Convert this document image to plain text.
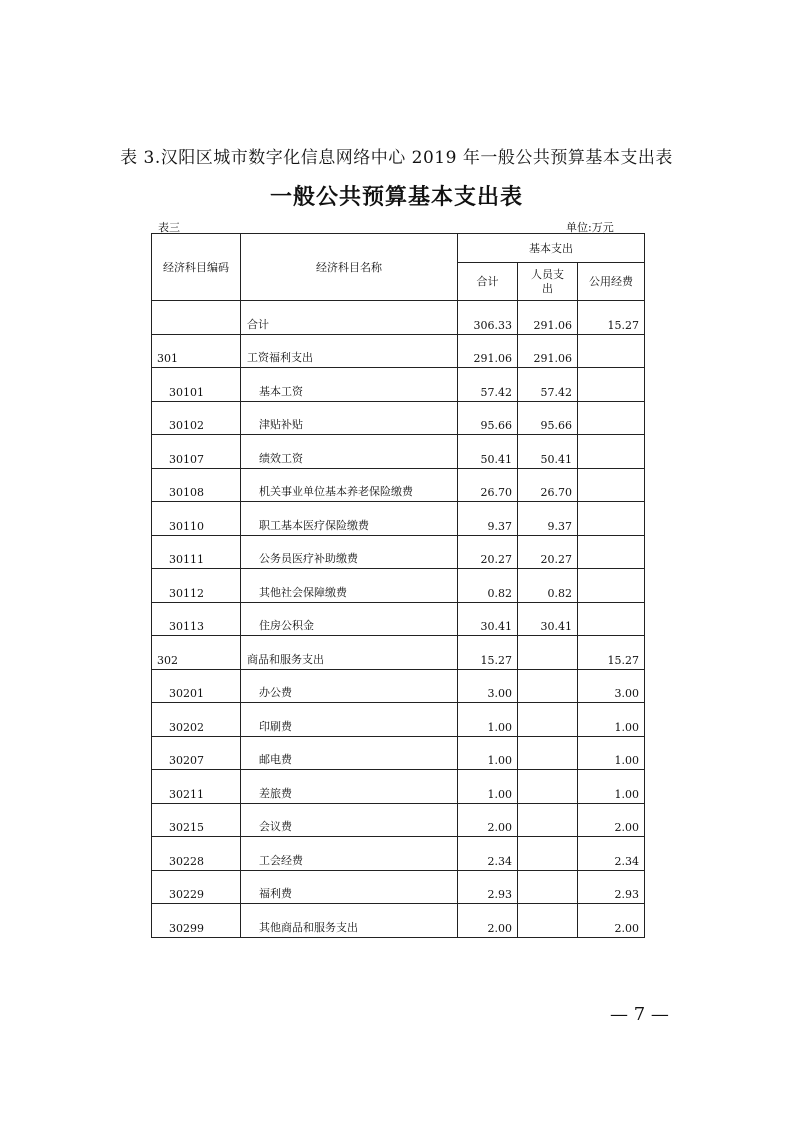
表 3.汉阳区城市数字化信息网络中心 2019 年一般公共预算基本支出表
一般公共预算基本支出表
表三	单位:万元
经济科目编码	经济科目名称	基本支出		
		合计	人员支出	公用经费
	合计	306.33	291.06	15.27
301	工资福利支出	291.06	291.06	
30101	基本工资	57.42	57.42	
30102	津贴补贴	95.66	95.66	
30107	绩效工资	50.41	50.41	
30108	机关事业单位基本养老保险缴费	26.70	26.70	
30110	职工基本医疗保险缴费	9.37	9.37	
30111	公务员医疗补助缴费	20.27	20.27	
30112	其他社会保障缴费	0.82	0.82	
30113	住房公积金	30.41	30.41	
302	商品和服务支出	15.27		15.27
30201	办公费	3.00		3.00
30202	印刷费	1.00		1.00
30207	邮电费	1.00		1.00
30211	差旅费	1.00		1.00
30215	会议费	2.00		2.00
30228	工会经费	2.34		2.34
30229	福利费	2.93		2.93
30299	其他商品和服务支出	2.00		2.00
— 7 —
